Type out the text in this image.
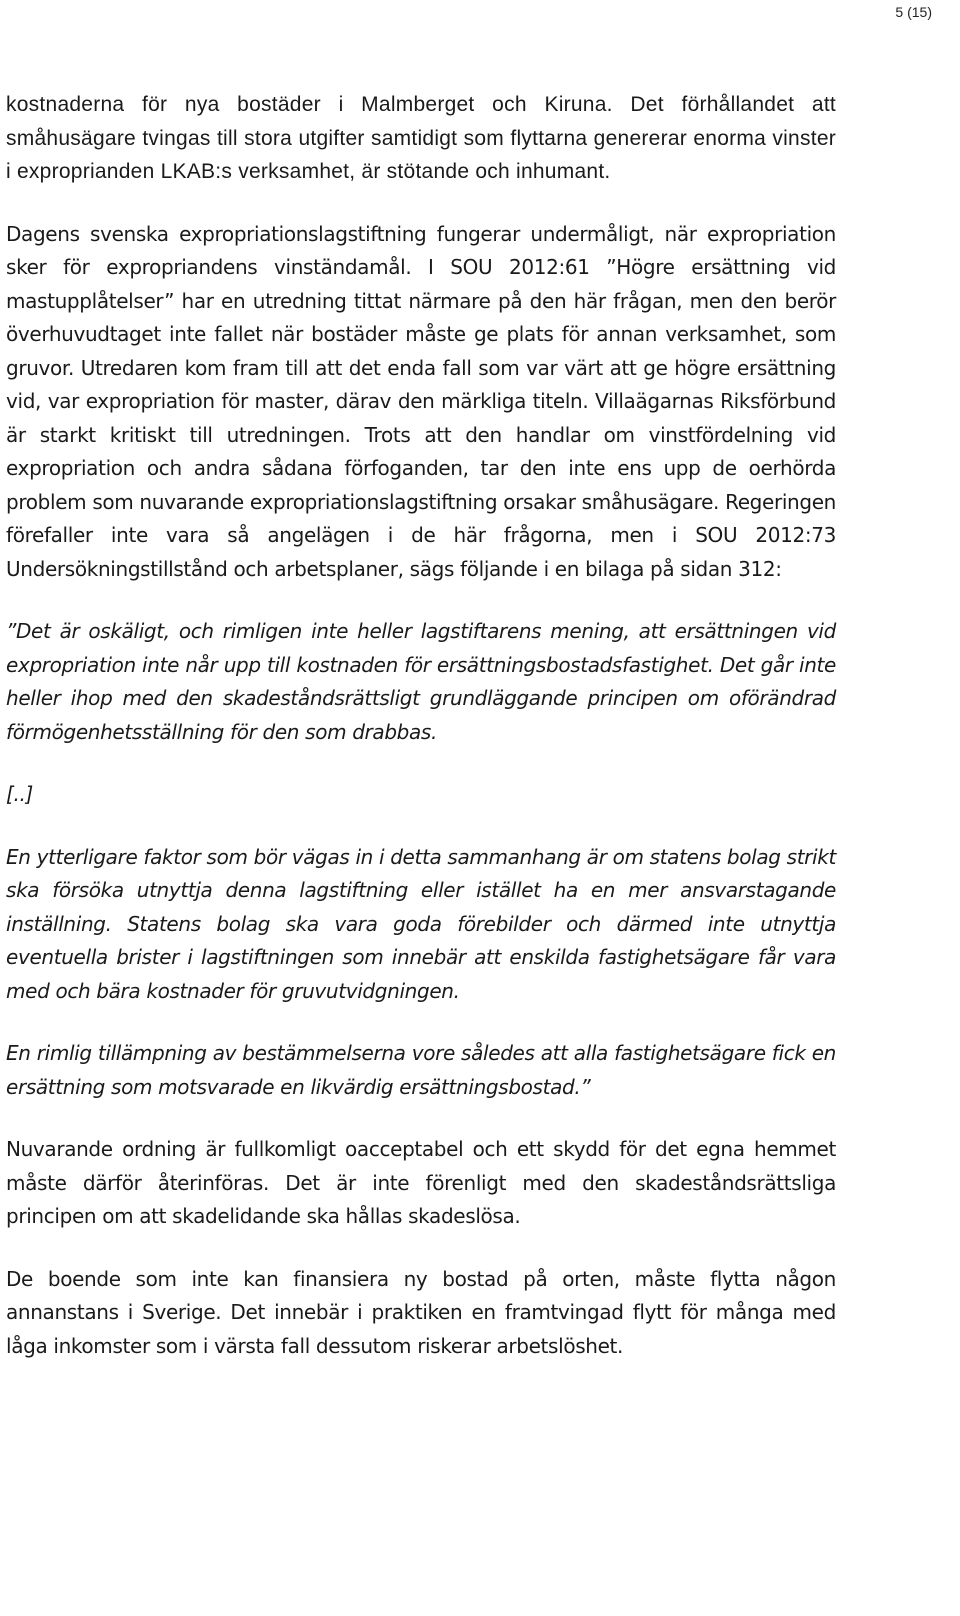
5 (15)

kostnaderna för nya bostäder i Malmberget och Kiruna. Det förhållandet att småhusägare tvingas till stora utgifter samtidigt som flyttarna genererar enorma vinster i exproprianden LKAB:s verksamhet, är stötande och inhumant.

Dagens svenska expropriationslagstiftning fungerar undermåligt, när expropriation sker för expropriandens vinständamål. I SOU 2012:61 ”Högre ersättning vid mastupplåtelser” har en utredning tittat närmare på den här frågan, men den berör överhuvudtaget inte fallet när bostäder måste ge plats för annan verksamhet, som gruvor. Utredaren kom fram till att det enda fall som var värt att ge högre ersättning vid, var expropriation för master, därav den märkliga titeln. Villaägarnas Riksförbund är starkt kritiskt till utredningen. Trots att den handlar om vinstfördelning vid expropriation och andra sådana förfoganden, tar den inte ens upp de oerhörda problem som nuvarande expropriationslagstiftning orsakar småhusägare. Regeringen förefaller inte vara så angelägen i de här frågorna, men i SOU 2012:73 Undersökningstillstånd och arbetsplaner, sägs följande i en bilaga på sidan 312:

”Det är oskäligt, och rimligen inte heller lagstiftarens mening, att ersättningen vid expropriation inte når upp till kostnaden för ersättningsbostadsfastighet. Det går inte heller ihop med den skadeståndsrättsligt grundläggande principen om oförändrad förmögenhetsställning för den som drabbas.

[..]

En ytterligare faktor som bör vägas in i detta sammanhang är om statens bolag strikt ska försöka utnyttja denna lagstiftning eller istället ha en mer ansvarstagande inställning. Statens bolag ska vara goda förebilder och därmed inte utnyttja eventuella brister i lagstiftningen som innebär att enskilda fastighetsägare får vara med och bära kostnader för gruvutvidgningen.

En rimlig tillämpning av bestämmelserna vore således att alla fastighetsägare fick en ersättning som motsvarade en likvärdig ersättningsbostad.”

Nuvarande ordning är fullkomligt oacceptabel och ett skydd för det egna hemmet måste därför återinföras. Det är inte förenligt med den skadeståndsrättsliga principen om att skadelidande ska hållas skadeslösa.

De boende som inte kan finansiera ny bostad på orten, måste flytta någon annanstans i Sverige. Det innebär i praktiken en framtvingad flytt för många med låga inkomster som i värsta fall dessutom riskerar arbetslöshet.
